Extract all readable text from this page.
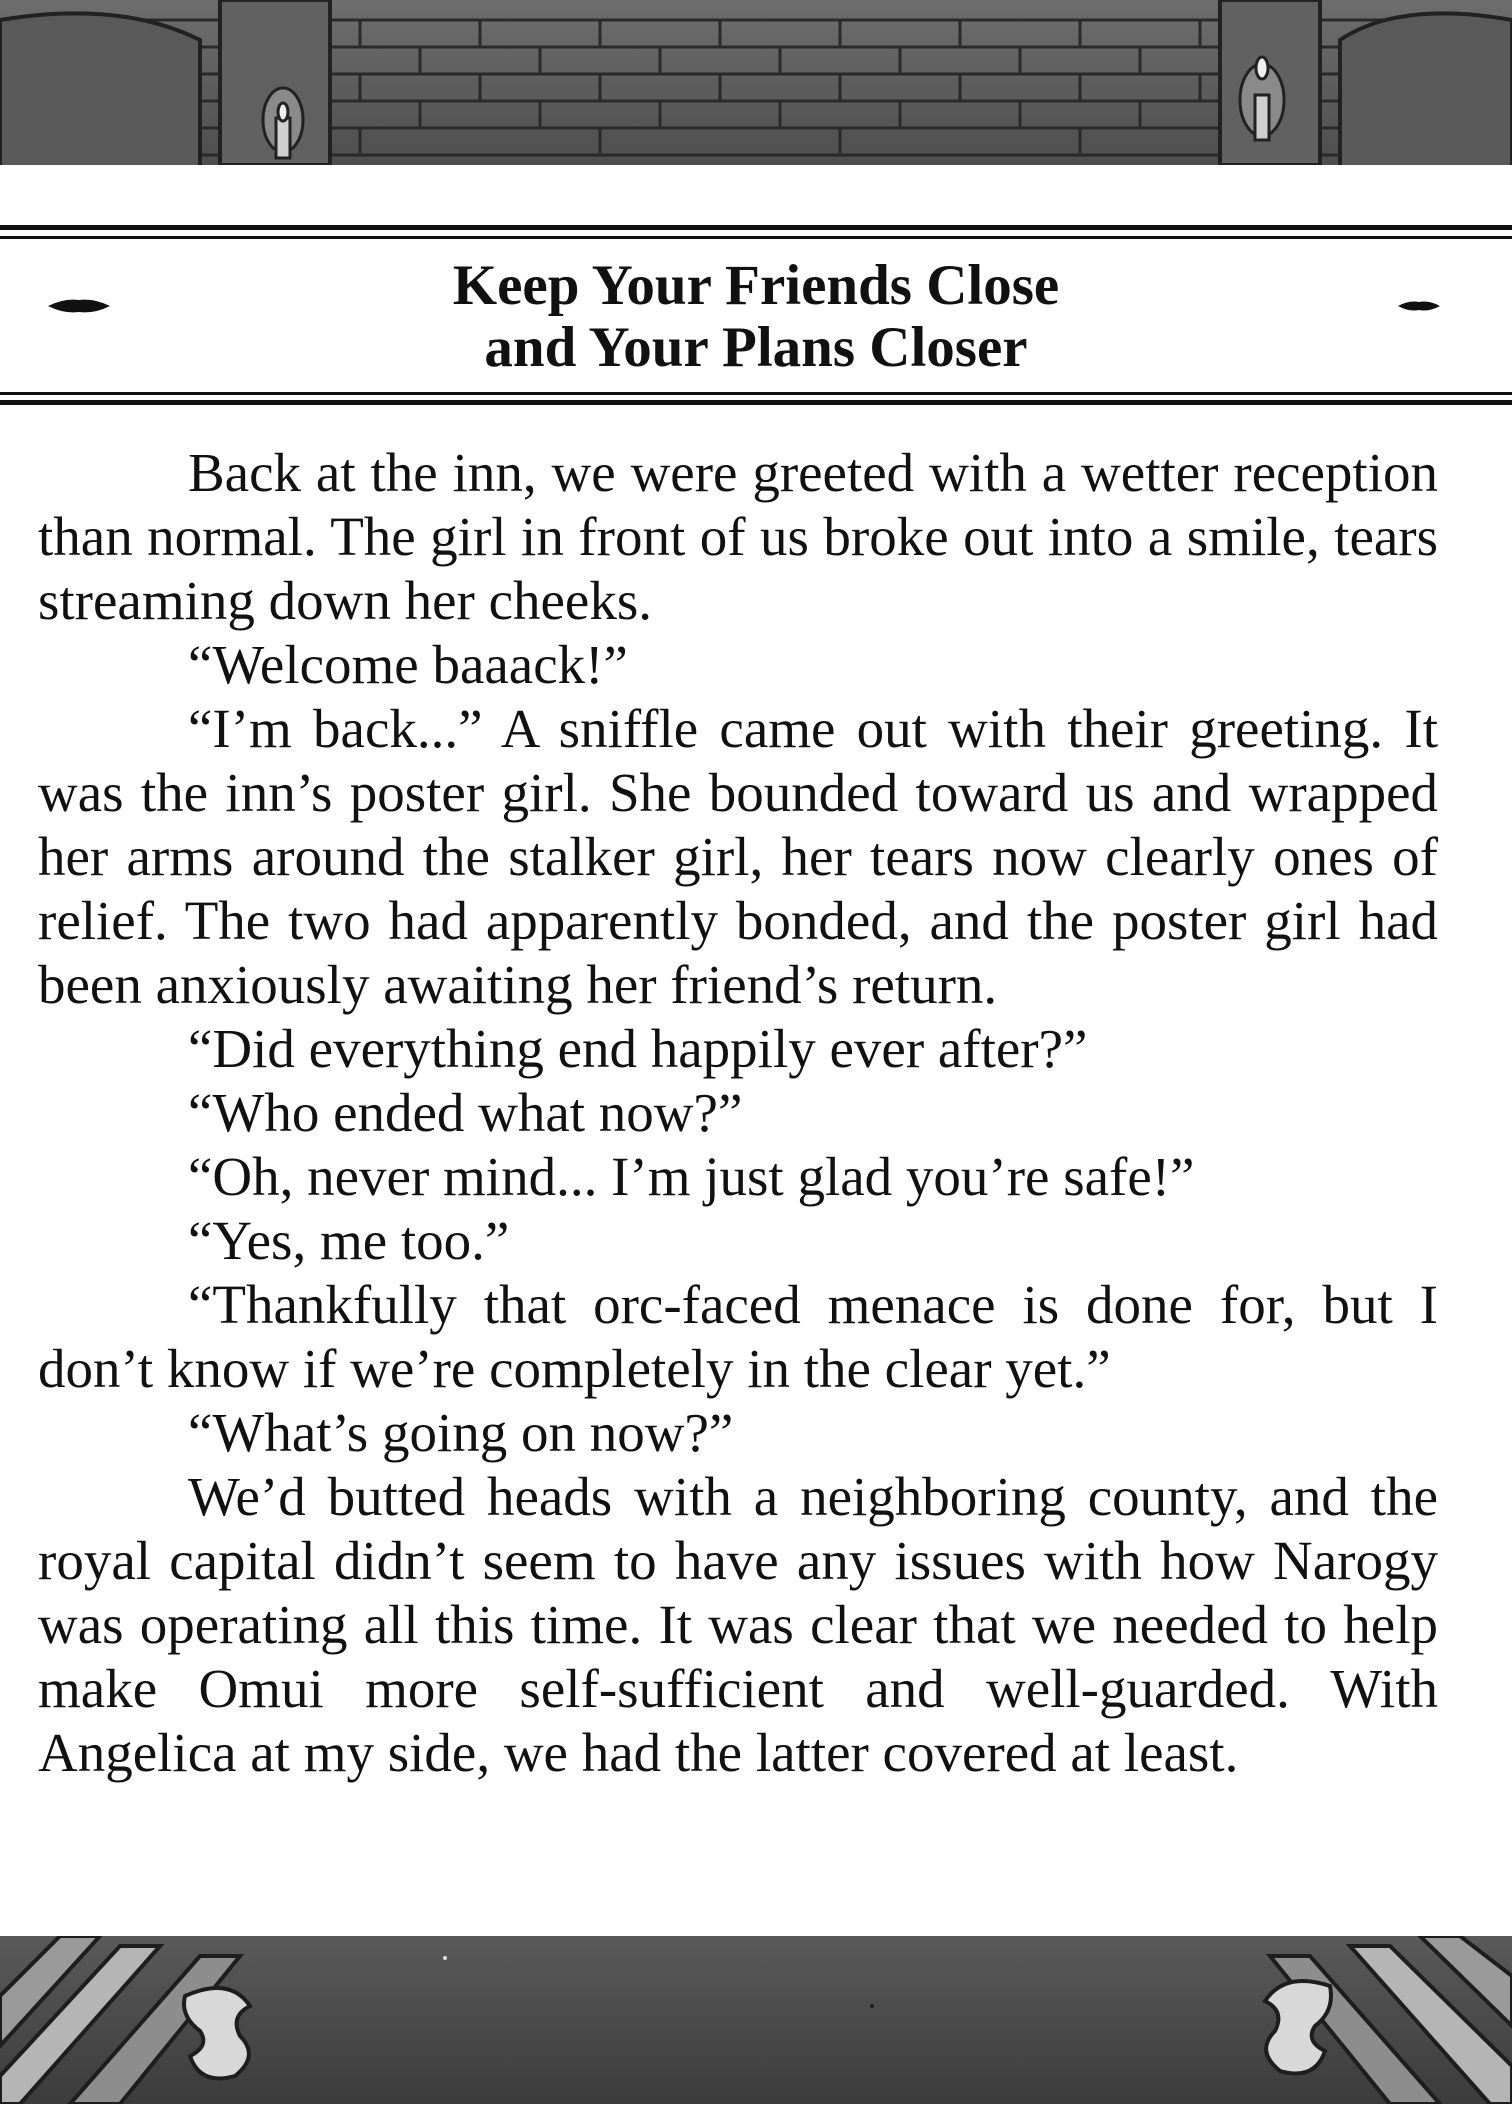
Keep Your Friends Close
and Your Plans Closer

Back at the inn, we were greeted with a wetter reception than normal. The girl in front of us broke out into a smile, tears streaming down her cheeks.

“Welcome baaack!”

“I’m back...” A sniffle came out with their greeting. It was the inn’s poster girl. She bounded toward us and wrapped her arms around the stalker girl, her tears now clearly ones of relief. The two had apparently bonded, and the poster girl had been anxiously awaiting her friend’s return.

“Did everything end happily ever after?”

“Who ended what now?”

“Oh, never mind... I’m just glad you’re safe!”

“Yes, me too.”

“Thankfully that orc-faced menace is done for, but I don’t know if we’re completely in the clear yet.”

“What’s going on now?”

We’d butted heads with a neighboring county, and the royal capital didn’t seem to have any issues with how Narogy was operating all this time. It was clear that we needed to help make Omui more self-sufficient and well-guarded. With Angelica at my side, we had the latter covered at least.
